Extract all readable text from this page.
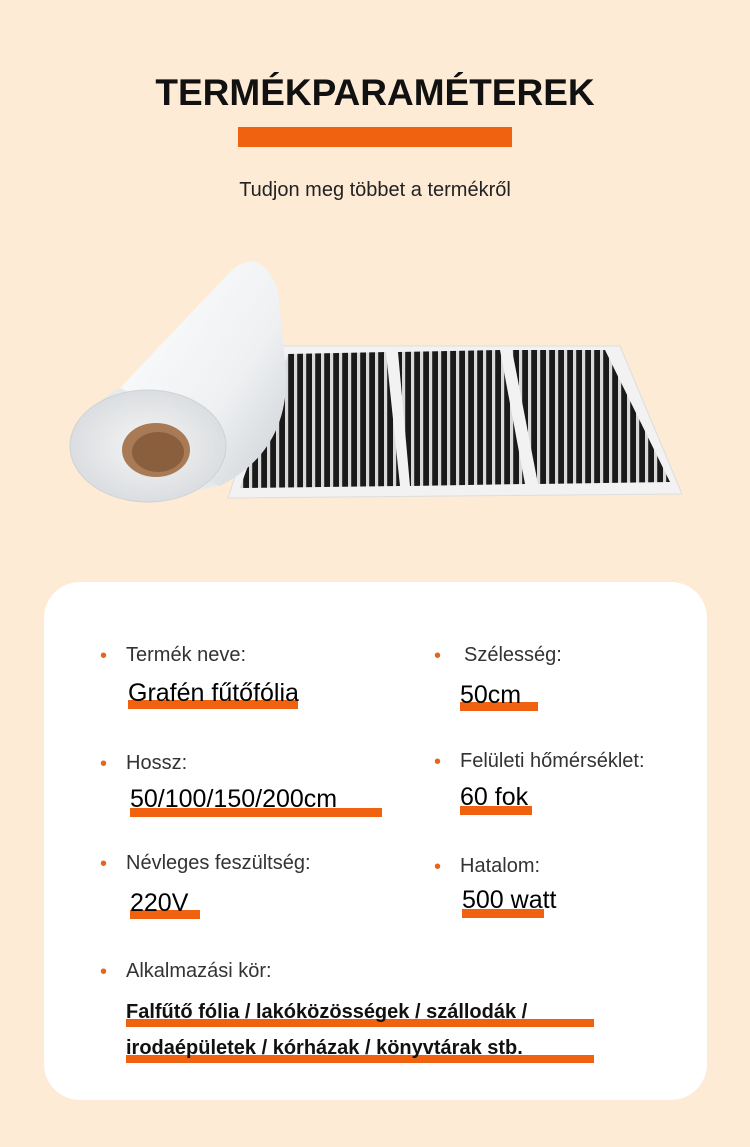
TERMÉKPARAMÉTEREK
Tudjon meg többet a termékről
• Termék neve:
Grafén fűtőfólia
• Szélesség:
50cm
• Hossz:
50/100/150/200cm
• Felületi hőmérséklet:
60 fok
• Névleges feszültség:
220V
• Hatalom:
500 watt
• Alkalmazási kör:
Falfűtő fólia / lakóközösségek / szállodák /
irodaépületek / kórházak / könyvtárak stb.
